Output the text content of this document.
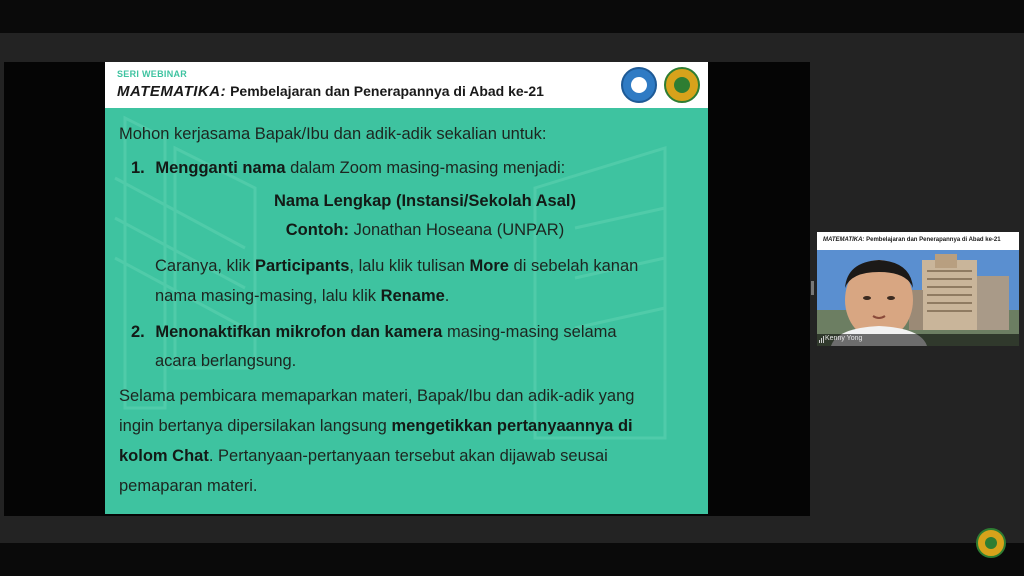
SERI WEBINAR
MATEMATIKA: Pembelajaran dan Penerapannya di Abad ke-21
Mohon kerjasama Bapak/Ibu dan adik-adik sekalian untuk:
1. Mengganti nama dalam Zoom masing-masing menjadi:
Nama Lengkap (Instansi/Sekolah Asal)
Contoh: Jonathan Hoseana (UNPAR)
Caranya, klik Participants, lalu klik tulisan More di sebelah kanan
nama masing-masing, lalu klik Rename.
2. Menonaktifkan mikrofon dan kamera masing-masing selama
acara berlangsung.
Selama pembicara memaparkan materi, Bapak/Ibu dan adik-adik yang
ingin bertanya dipersilakan langsung mengetikkan pertanyaannya di
kolom Chat. Pertanyaan-pertanyaan tersebut akan dijawab seusai
pemaparan materi.
MATEMATIKA: Pembelajaran dan Penerapannya di Abad ke-21
Kenny Yong
